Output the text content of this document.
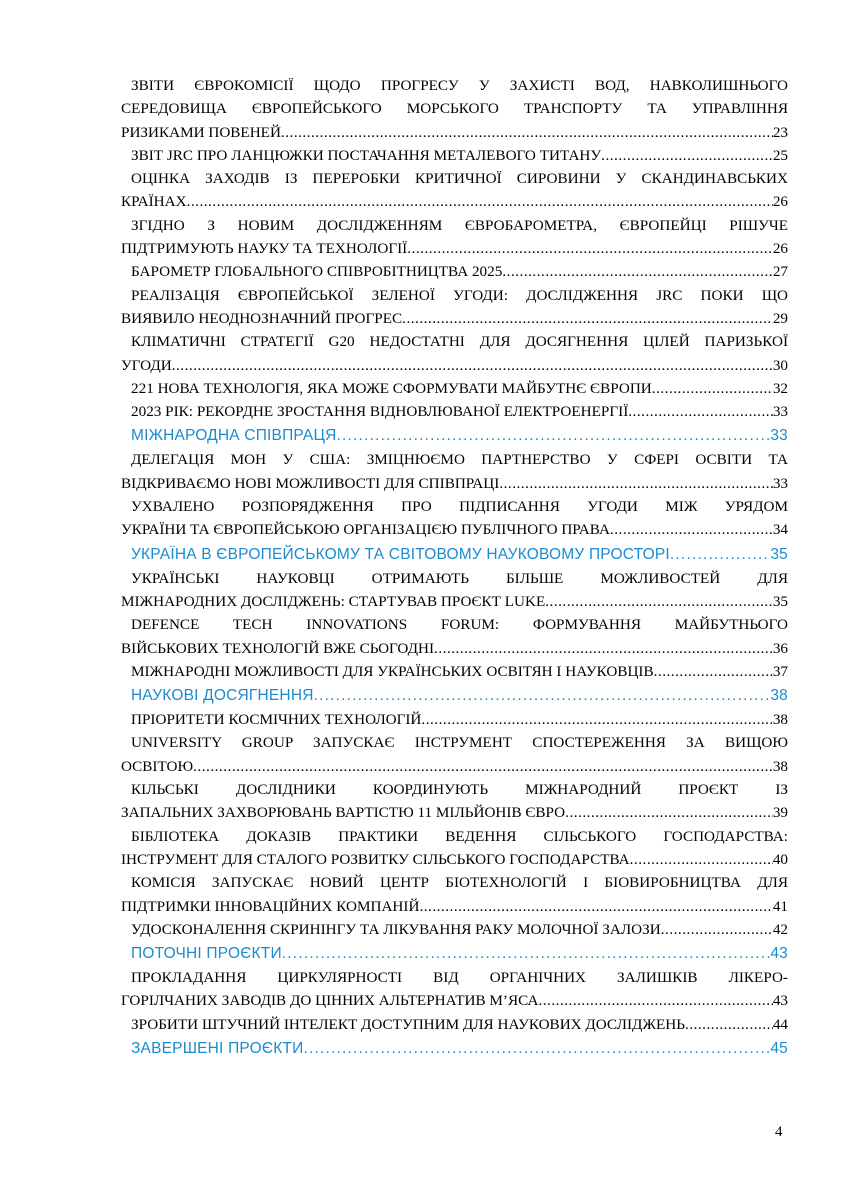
ЗВІТИ ЄВРОКОМІСІЇ ЩОДО ПРОГРЕСУ У ЗАХИСТІ ВОД, НАВКОЛИШНЬОГО
СЕРЕДОВИЩА ЄВРОПЕЙСЬКОГО МОРСЬКОГО ТРАНСПОРТУ ТА УПРАВЛІННЯ
РИЗИКАМИ ПОВЕНЕЙ .....	23
ЗВІТ JRC ПРО ЛАНЦЮЖКИ ПОСТАЧАННЯ МЕТАЛЕВОГО ТИТАНУ .....	25
ОЦІНКА ЗАХОДІВ ІЗ ПЕРЕРОБКИ КРИТИЧНОЇ СИРОВИНИ У СКАНДИНАВСЬКИХ
КРАЇНАХ .....	26
ЗГІДНО З НОВИМ ДОСЛІДЖЕННЯМ ЄВРОБАРОМЕТРА, ЄВРОПЕЙЦІ РІШУЧЕ
ПІДТРИМУЮТЬ НАУКУ ТА ТЕХНОЛОГІЇ .....	26
БАРОМЕТР ГЛОБАЛЬНОГО СПІВРОБІТНИЦТВА 2025 .....	27
РЕАЛІЗАЦІЯ ЄВРОПЕЙСЬКОЇ ЗЕЛЕНОЇ УГОДИ: ДОСЛІДЖЕННЯ JRC ПОКИ ЩО
ВИЯВИЛО НЕОДНОЗНАЧНИЙ ПРОГРЕС .....	29
КЛІМАТИЧНІ СТРАТЕГІЇ G20 НЕДОСТАТНІ ДЛЯ ДОСЯГНЕННЯ ЦІЛЕЙ ПАРИЗЬКОЇ
УГОДИ .....	30
221 НОВА ТЕХНОЛОГІЯ, ЯКА МОЖЕ СФОРМУВАТИ МАЙБУТНЄ ЄВРОПИ .....	32
2023 РІК: РЕКОРДНЕ ЗРОСТАННЯ ВІДНОВЛЮВАНОЇ ЕЛЕКТРОЕНЕРГІЇ .....	33
МІЖНАРОДНА СПІВПРАЦЯ .....	33
ДЕЛЕГАЦІЯ МОН У США: ЗМІЦНЮЄМО ПАРТНЕРСТВО У СФЕРІ ОСВІТИ ТА
ВІДКРИВАЄМО НОВІ МОЖЛИВОСТІ ДЛЯ СПІВПРАЦІ .....	33
УХВАЛЕНО РОЗПОРЯДЖЕННЯ ПРО ПІДПИСАННЯ УГОДИ МІЖ УРЯДОМ
УКРАЇНИ ТА ЄВРОПЕЙСЬКОЮ ОРГАНІЗАЦІЄЮ ПУБЛІЧНОГО ПРАВА .....	34
УКРАЇНА В ЄВРОПЕЙСЬКОМУ ТА СВІТОВОМУ НАУКОВОМУ ПРОСТОРІ .....	35
УКРАЇНСЬКІ НАУКОВЦІ ОТРИМАЮТЬ БІЛЬШЕ МОЖЛИВОСТЕЙ ДЛЯ
МІЖНАРОДНИХ ДОСЛІДЖЕНЬ: СТАРТУВАВ ПРОЄКТ LUKE .....	35
DEFENCE TECH INNOVATIONS FORUM: ФОРМУВАННЯ МАЙБУТНЬОГО
ВІЙСЬКОВИХ ТЕХНОЛОГІЙ ВЖЕ СЬОГОДНІ .....	36
МІЖНАРОДНІ МОЖЛИВОСТІ ДЛЯ УКРАЇНСЬКИХ ОСВІТЯН І НАУКОВЦІВ .....	37
НАУКОВІ ДОСЯГНЕННЯ .....	38
ПРІОРИТЕТИ КОСМІЧНИХ ТЕХНОЛОГІЙ .....	38
UNIVERSITY GROUP ЗАПУСКАЄ ІНСТРУМЕНТ СПОСТЕРЕЖЕННЯ ЗА ВИЩОЮ
ОСВІТОЮ .....	38
КІЛЬСЬКІ ДОСЛІДНИКИ КООРДИНУЮТЬ МІЖНАРОДНИЙ ПРОЄКТ ІЗ
ЗАПАЛЬНИХ ЗАХВОРЮВАНЬ ВАРТІСТЮ 11 МІЛЬЙОНІВ ЄВРО .....	39
БІБЛІОТЕКА ДОКАЗІВ ПРАКТИКИ ВЕДЕННЯ СІЛЬСЬКОГО ГОСПОДАРСТВА:
ІНСТРУМЕНТ ДЛЯ СТАЛОГО РОЗВИТКУ СІЛЬСЬКОГО ГОСПОДАРСТВА .....	40
КОМІСІЯ ЗАПУСКАЄ НОВИЙ ЦЕНТР БІОТЕХНОЛОГІЙ І БІОВИРОБНИЦТВА ДЛЯ
ПІДТРИМКИ ІННОВАЦІЙНИХ КОМПАНІЙ .....	41
УДОСКОНАЛЕННЯ СКРИНІНГУ ТА ЛІКУВАННЯ РАКУ МОЛОЧНОЇ ЗАЛОЗИ .....	42
ПОТОЧНІ ПРОЄКТИ .....	43
ПРОКЛАДАННЯ ЦИРКУЛЯРНОСТІ ВІД ОРГАНІЧНИХ ЗАЛИШКІВ ЛІКЕРО-
ГОРІЛЧАНИХ ЗАВОДІВ ДО ЦІННИХ АЛЬТЕРНАТИВ М’ЯСА .....	43
ЗРОБИТИ ШТУЧНИЙ ІНТЕЛЕКТ ДОСТУПНИМ ДЛЯ НАУКОВИХ ДОСЛІДЖЕНЬ .....	44
ЗАВЕРШЕНІ ПРОЄКТИ .....	45
4
